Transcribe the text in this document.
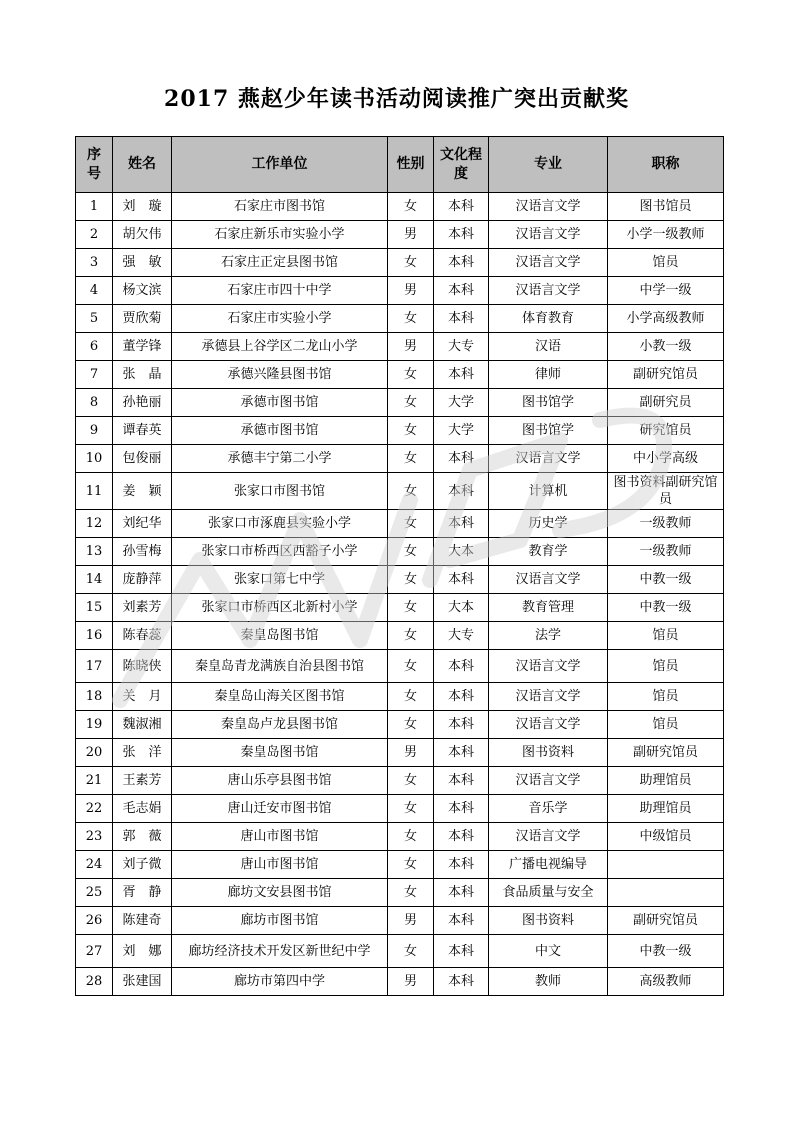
2017 燕赵少年读书活动阅读推广突出贡献奖
序号	姓名	工作单位	性别	文化程度	专业	职称
1	刘　璇	石家庄市图书馆	女	本科	汉语言文学	图书馆员
2	胡欠伟	石家庄新乐市实验小学	男	本科	汉语言文学	小学一级教师
3	强　敏	石家庄正定县图书馆	女	本科	汉语言文学	馆员
4	杨文滨	石家庄市四十中学	男	本科	汉语言文学	中学一级
5	贾欣菊	石家庄市实验小学	女	本科	体育教育	小学高级教师
6	董学锋	承德县上谷学区二龙山小学	男	大专	汉语	小教一级
7	张　晶	承德兴隆县图书馆	女	本科	律师	副研究馆员
8	孙艳丽	承德市图书馆	女	大学	图书馆学	副研究员
9	谭春英	承德市图书馆	女	大学	图书馆学	研究馆员
10	包俊丽	承德丰宁第二小学	女	本科	汉语言文学	中小学高级
11	姜　颖	张家口市图书馆	女	本科	计算机	图书资料副研究馆员
12	刘纪华	张家口市涿鹿县实验小学	女	本科	历史学	一级教师
13	孙雪梅	张家口市桥西区西豁子小学	女	大本	教育学	一级教师
14	庞静萍	张家口第七中学	女	本科	汉语言文学	中教一级
15	刘素芳	张家口市桥西区北新村小学	女	大本	教育管理	中教一级
16	陈春蕊	秦皇岛图书馆	女	大专	法学	馆员
17	陈晓侠	秦皇岛青龙满族自治县图书馆	女	本科	汉语言文学	馆员
18	关　月	秦皇岛山海关区图书馆	女	本科	汉语言文学	馆员
19	魏淑湘	秦皇岛卢龙县图书馆	女	本科	汉语言文学	馆员
20	张　洋	秦皇岛图书馆	男	本科	图书资料	副研究馆员
21	王素芳	唐山乐亭县图书馆	女	本科	汉语言文学	助理馆员
22	毛志娟	唐山迁安市图书馆	女	本科	音乐学	助理馆员
23	郭　薇	唐山市图书馆	女	本科	汉语言文学	中级馆员
24	刘子微	唐山市图书馆	女	本科	广播电视编导	
25	胥　静	廊坊文安县图书馆	女	本科	食品质量与安全	
26	陈建奇	廊坊市图书馆	男	本科	图书资料	副研究馆员
27	刘　娜	廊坊经济技术开发区新世纪中学	女	本科	中文	中教一级
28	张建国	廊坊市第四中学	男	本科	教师	高级教师
